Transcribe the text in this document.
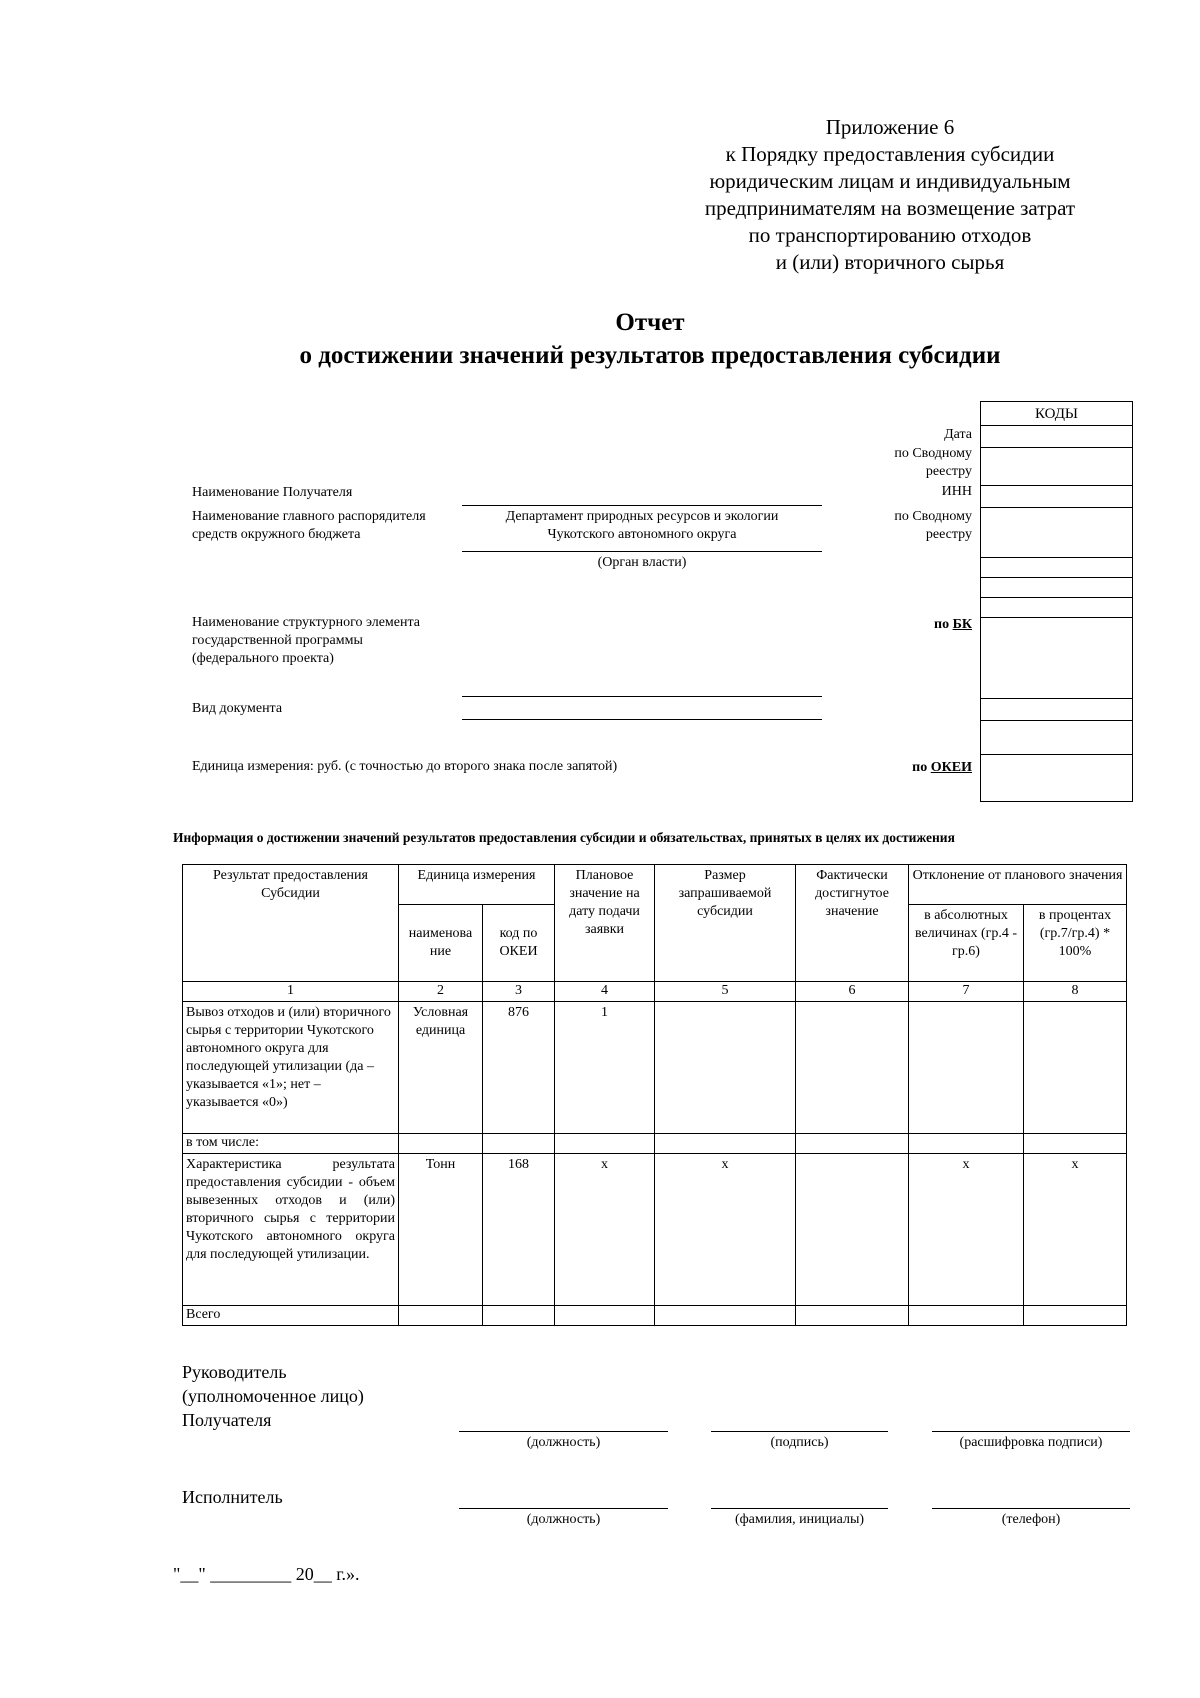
Приложение 6
к Порядку предоставления субсидии
юридическим лицам и индивидуальным
предпринимателям на возмещение затрат
по транспортированию отходов
и (или) вторичного сырья
Отчет
о достижении значений результатов предоставления субсидии
КОДЫ
Дата
по Сводному реестру
ИНН
по Сводному реестру
по БК
по ОКЕИ
Наименование Получателя
Наименование главного распорядителя средств окружного бюджета
Департамент природных ресурсов и экологии
Чукотского автономного округа
(Орган власти)
Наименование структурного элемента государственной программы (федерального проекта)
Вид документа
Единица измерения: руб. (с точностью до второго знака после запятой)
Информация о достижении значений результатов предоставления субсидии и обязательствах, принятых в целях их достижения
Результат предоставления Субсидии	Единица измерения		Плановое значение на дату подачи заявки	Размер запрашиваемой субсидии	Фактически достигнутое значение	Отклонение от планового значения	
	наименова ние	код по ОКЕИ				в абсолютных величинах (гр.4 - гр.6)	в процентах (гр.7/гр.4) * 100%
1	2	3	4	5	6	7	8
Вывоз отходов и (или) вторичного сырья с территории Чукотского автономного округа для последующей утилизации (да – указывается «1»; нет – указывается «0»)	Условная единица	876	1				
в том числе:							
Характеристика результата предоставления субсидии - объем вывезенных отходов и (или) вторичного сырья с территории Чукотского автономного округа для последующей утилизации.	Тонн	168	х	х		х	х
Всего							
Руководитель
(уполномоченное лицо)
Получателя
(должность)	(подпись)	(расшифровка подписи)
Исполнитель
(должность)	(фамилия, инициалы)	(телефон)
"__" _________ 20__ г.».
